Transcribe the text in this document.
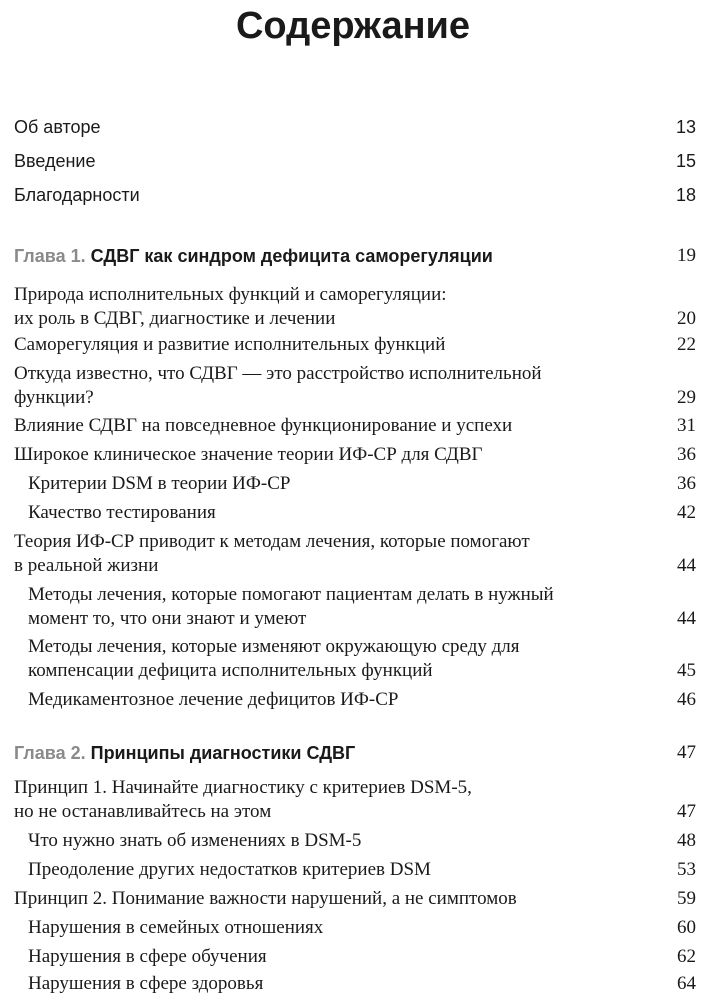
Содержание
Об авторе	13
Введение	15
Благодарности	18
Глава 1. СДВГ как синдром дефицита саморегуляции	19
Природа исполнительных функций и саморегуляции:
их роль в СДВГ, диагностике и лечении	20
Саморегуляция и развитие исполнительных функций	22
Откуда известно, что СДВГ — это расстройство исполнительной
функции?	29
Влияние СДВГ на повседневное функционирование и успехи	31
Широкое клиническое значение теории ИФ-СР для СДВГ	36
Критерии DSM в теории ИФ-СР	36
Качество тестирования	42
Теория ИФ-СР приводит к методам лечения, которые помогают
в реальной жизни	44
Методы лечения, которые помогают пациентам делать в нужный
момент то, что они знают и умеют	44
Методы лечения, которые изменяют окружающую среду для
компенсации дефицита исполнительных функций	45
Медикаментозное лечение дефицитов ИФ-СР	46
Глава 2. Принципы диагностики СДВГ	47
Принцип 1. Начинайте диагностику с критериев DSM-5,
но не останавливайтесь на этом	47
Что нужно знать об изменениях в DSM-5	48
Преодоление других недостатков критериев DSM	53
Принцип 2. Понимание важности нарушений, а не симптомов	59
Нарушения в семейных отношениях	60
Нарушения в сфере обучения	62
Нарушения в сфере здоровья	64
